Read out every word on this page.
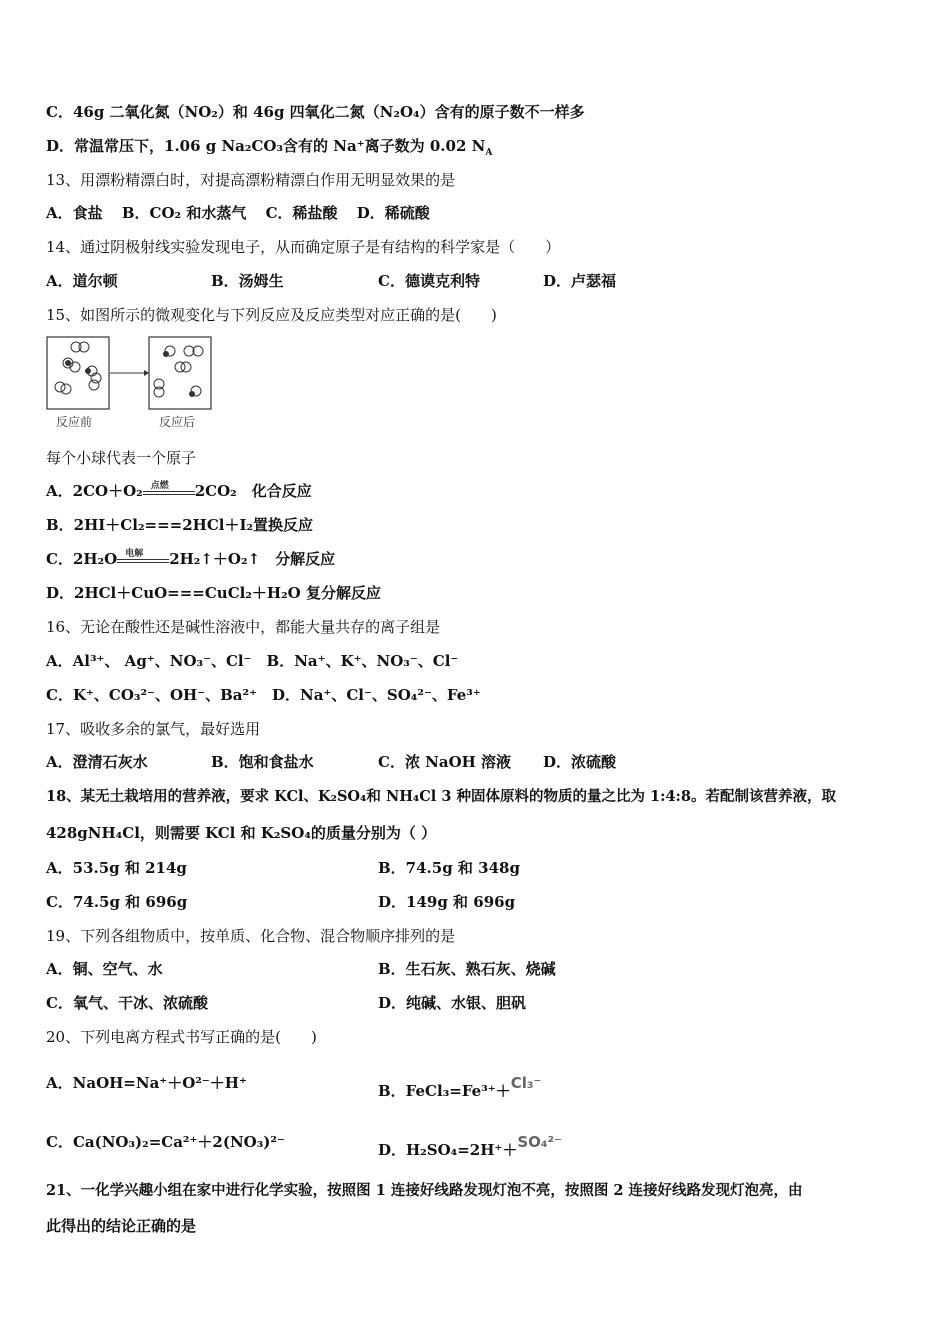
C．46g 二氧化氮（NO₂）和 46g 四氧化二氮（N₂O₄）含有的原子数不一样多
D．常温常压下，1.06 g Na₂CO₃含有的 Na⁺离子数为 0.02 $N_A$
13、用漂粉精漂白时，对提高漂粉精漂白作用无明显效果的是
A．食盐 B．CO₂ 和水蒸气 C．稀盐酸 D．稀硫酸
14、通过阴极射线实验发现电子，从而确定原子是有结构的科学家是（　　）
A．道尔顿	B．汤姆生	C．德谟克利特	D．卢瑟福
15、如图所示的微观变化与下列反应及反应类型对应正确的是(　　)
反应前	反应后
每个小球代表一个原子
A．2CO＋O₂ 点燃 2CO₂　化合反应
B．2HI＋Cl₂===2HCl＋I₂置换反应
C．2H₂O 电解 2H₂↑＋O₂↑　分解反应
D．2HCl＋CuO===CuCl₂＋H₂O 复分解反应
16、无论在酸性还是碱性溶液中，都能大量共存的离子组是
A．Al³⁺、 Ag⁺、NO₃⁻、Cl⁻　B．Na⁺、K⁺、NO₃⁻、Cl⁻
C．K⁺、CO₃²⁻、OH⁻、Ba²⁺　D．Na⁺、Cl⁻、SO₄²⁻、Fe³⁺
17、吸收多余的氯气，最好选用
A．澄清石灰水	B．饱和食盐水	C．浓 NaOH 溶液 D．浓硫酸
18、某无土栽培用的营养液，要求 KCl、K₂SO₄和 NH₄Cl 3 种固体原料的物质的量之比为 1:4:8。若配制该营养液，取
428gNH₄Cl，则需要 KCl 和 K₂SO₄的质量分别为（ ）
A．53.5g 和 214g	B．74.5g 和 348g
C．74.5g 和 696g	D．149g 和 696g
19、下列各组物质中，按单质、化合物、混合物顺序排列的是
A．铜、空气、水	B．生石灰、熟石灰、烧碱
C．氧气、干冰、浓硫酸	D．纯碱、水银、胆矾
20、下列电离方程式书写正确的是(　　)
A．NaOH=Na⁺＋O²⁻＋H⁺	B．FeCl₃=Fe³⁺＋Cl₃⁻
C．Ca(NO₃)₂=Ca²⁺＋2(NO₃)²⁻	D．H₂SO₄=2H⁺＋SO₄²⁻
21、一化学兴趣小组在家中进行化学实验，按照图 1 连接好线路发现灯泡不亮，按照图 2 连接好线路发现灯泡亮，由
此得出的结论正确的是
